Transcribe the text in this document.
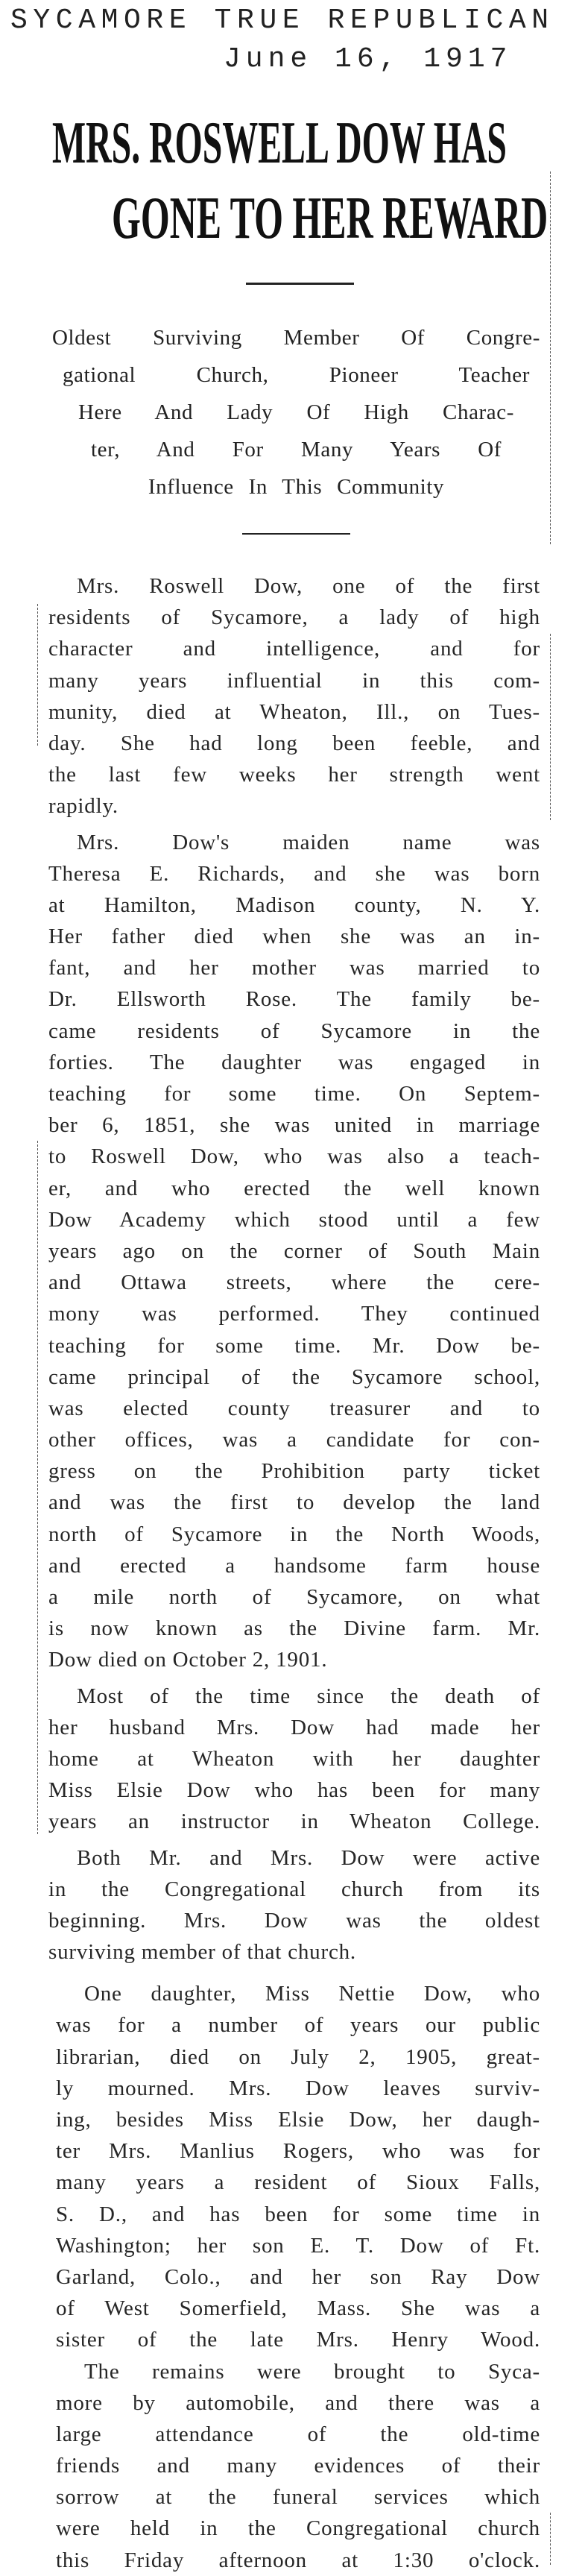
SYCAMORE TRUE REPUBLICAN
June 16, 1917
MRS. ROSWELL DOW HAS
GONE TO HER REWARD
Oldest Surviving Member Of Congre-
gational Church, Pioneer Teacher
Here And Lady Of High Charac-
ter, And For Many Years Of
Influence In This Community
Mrs. Roswell Dow, one of the first
residents of Sycamore, a lady of high
character and intelligence, and for
many years influential in this com-
munity, died at Wheaton, Ill., on Tues-
day. She had long been feeble, and
the last few weeks her strength went
rapidly.
Mrs. Dow's maiden name was
Theresa E. Richards, and she was born
at Hamilton, Madison county, N. Y.
Her father died when she was an in-
fant, and her mother was married to
Dr. Ellsworth Rose. The family be-
came residents of Sycamore in the
forties. The daughter was engaged in
teaching for some time. On Septem-
ber 6, 1851, she was united in marriage
to Roswell Dow, who was also a teach-
er, and who erected the well known
Dow Academy which stood until a few
years ago on the corner of South Main
and Ottawa streets, where the cere-
mony was performed. They continued
teaching for some time. Mr. Dow be-
came principal of the Sycamore school,
was elected county treasurer and to
other offices, was a candidate for con-
gress on the Prohibition party ticket
and was the first to develop the land
north of Sycamore in the North Woods,
and erected a handsome farm house
a mile north of Sycamore, on what
is now known as the Divine farm. Mr.
Dow died on October 2, 1901.
Most of the time since the death of
her husband Mrs. Dow had made her
home at Wheaton with her daughter
Miss Elsie Dow who has been for many
years an instructor in Wheaton College.
Both Mr. and Mrs. Dow were active
in the Congregational church from its
beginning. Mrs. Dow was the oldest
surviving member of that church.
One daughter, Miss Nettie Dow, who
was for a number of years our public
librarian, died on July 2, 1905, great-
ly mourned. Mrs. Dow leaves surviv-
ing, besides Miss Elsie Dow, her daugh-
ter Mrs. Manlius Rogers, who was for
many years a resident of Sioux Falls,
S. D., and has been for some time in
Washington; her son E. T. Dow of Ft.
Garland, Colo., and her son Ray Dow
of West Somerfield, Mass. She was a
sister of the late Mrs. Henry Wood.
The remains were brought to Syca-
more by automobile, and there was a
large attendance of the old-time
friends and many evidences of their
sorrow at the funeral services which
were held in the Congregational church
this Friday afternoon at 1:30 o'clock.
